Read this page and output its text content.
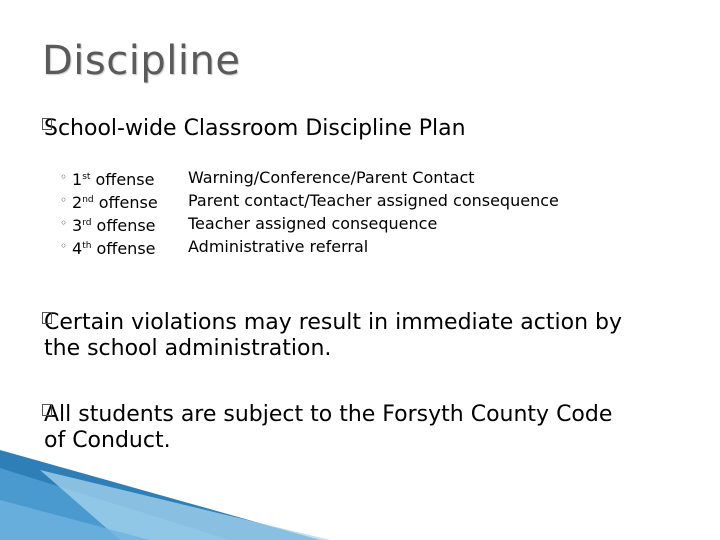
Discipline
School-wide Classroom Discipline Plan
◦ 1st offense Warning/Conference/Parent Contact
◦ 2nd offense Parent contact/Teacher assigned consequence
◦ 3rd offense Teacher assigned consequence
◦ 4th offense Administrative referral
Certain violations may result in immediate action by
the school administration.
All students are subject to the Forsyth County Code
of Conduct.
